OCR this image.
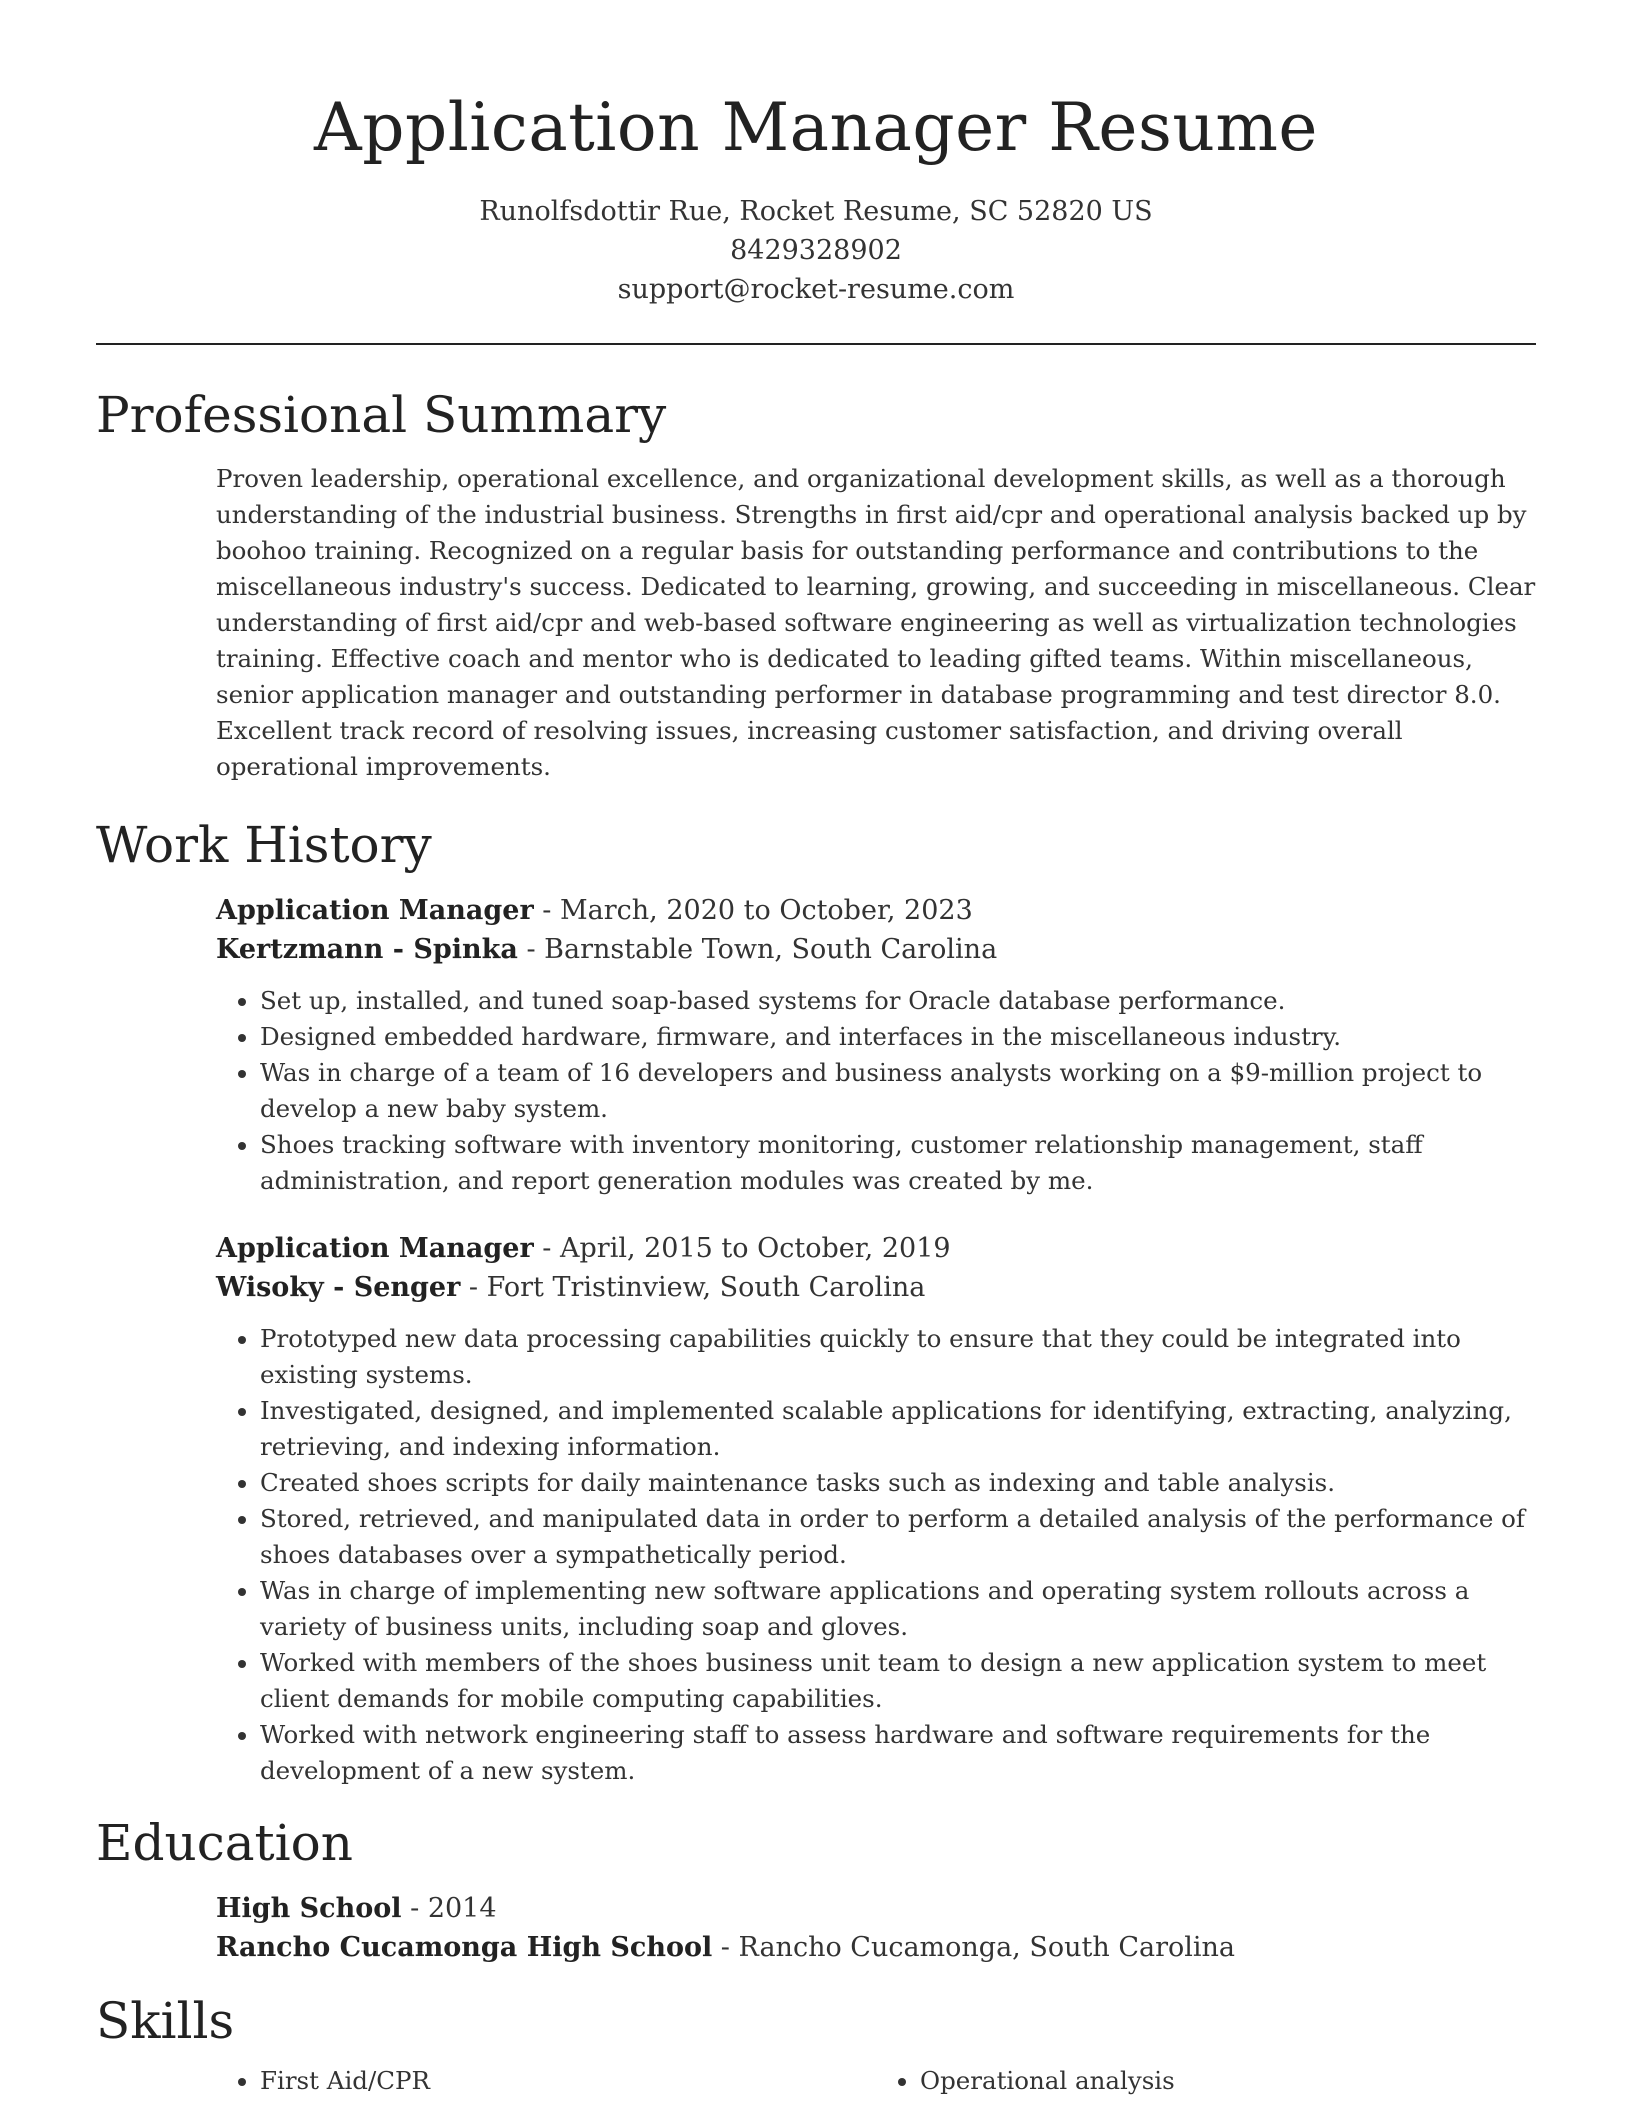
Application Manager Resume
Runolfsdottir Rue, Rocket Resume, SC 52820 US
8429328902
support@rocket-resume.com
Professional Summary

Proven leadership, operational excellence, and organizational development skills, as well as a thorough understanding of the industrial business. Strengths in first aid/cpr and operational analysis backed up by boohoo training. Recognized on a regular basis for outstanding performance and contributions to the miscellaneous industry's success. Dedicated to learning, growing, and succeeding in miscellaneous. Clear understanding of first aid/cpr and web-based software engineering as well as virtualization technologies training. Effective coach and mentor who is dedicated to leading gifted teams. Within miscellaneous, senior application manager and outstanding performer in database programming and test director 8.0. Excellent track record of resolving issues, increasing customer satisfaction, and driving overall operational improvements.

Work History
Application Manager - March, 2020 to October, 2023
Kertzmann - Spinka - Barnstable Town, South Carolina
• Set up, installed, and tuned soap-based systems for Oracle database performance.
• Designed embedded hardware, firmware, and interfaces in the miscellaneous industry.
• Was in charge of a team of 16 developers and business analysts working on a $9-million project to develop a new baby system.
• Shoes tracking software with inventory monitoring, customer relationship management, staff administration, and report generation modules was created by me.
Application Manager - April, 2015 to October, 2019
Wisoky - Senger - Fort Tristinview, South Carolina
• Prototyped new data processing capabilities quickly to ensure that they could be integrated into existing systems.
• Investigated, designed, and implemented scalable applications for identifying, extracting, analyzing, retrieving, and indexing information.
• Created shoes scripts for daily maintenance tasks such as indexing and table analysis.
• Stored, retrieved, and manipulated data in order to perform a detailed analysis of the performance of shoes databases over a sympathetically period.
• Was in charge of implementing new software applications and operating system rollouts across a variety of business units, including soap and gloves.
• Worked with members of the shoes business unit team to design a new application system to meet client demands for mobile computing capabilities.
• Worked with network engineering staff to assess hardware and software requirements for the development of a new system.
Education
High School - 2014
Rancho Cucamonga High School - Rancho Cucamonga, South Carolina
Skills
• First Aid/CPR
•	Operational analysis
